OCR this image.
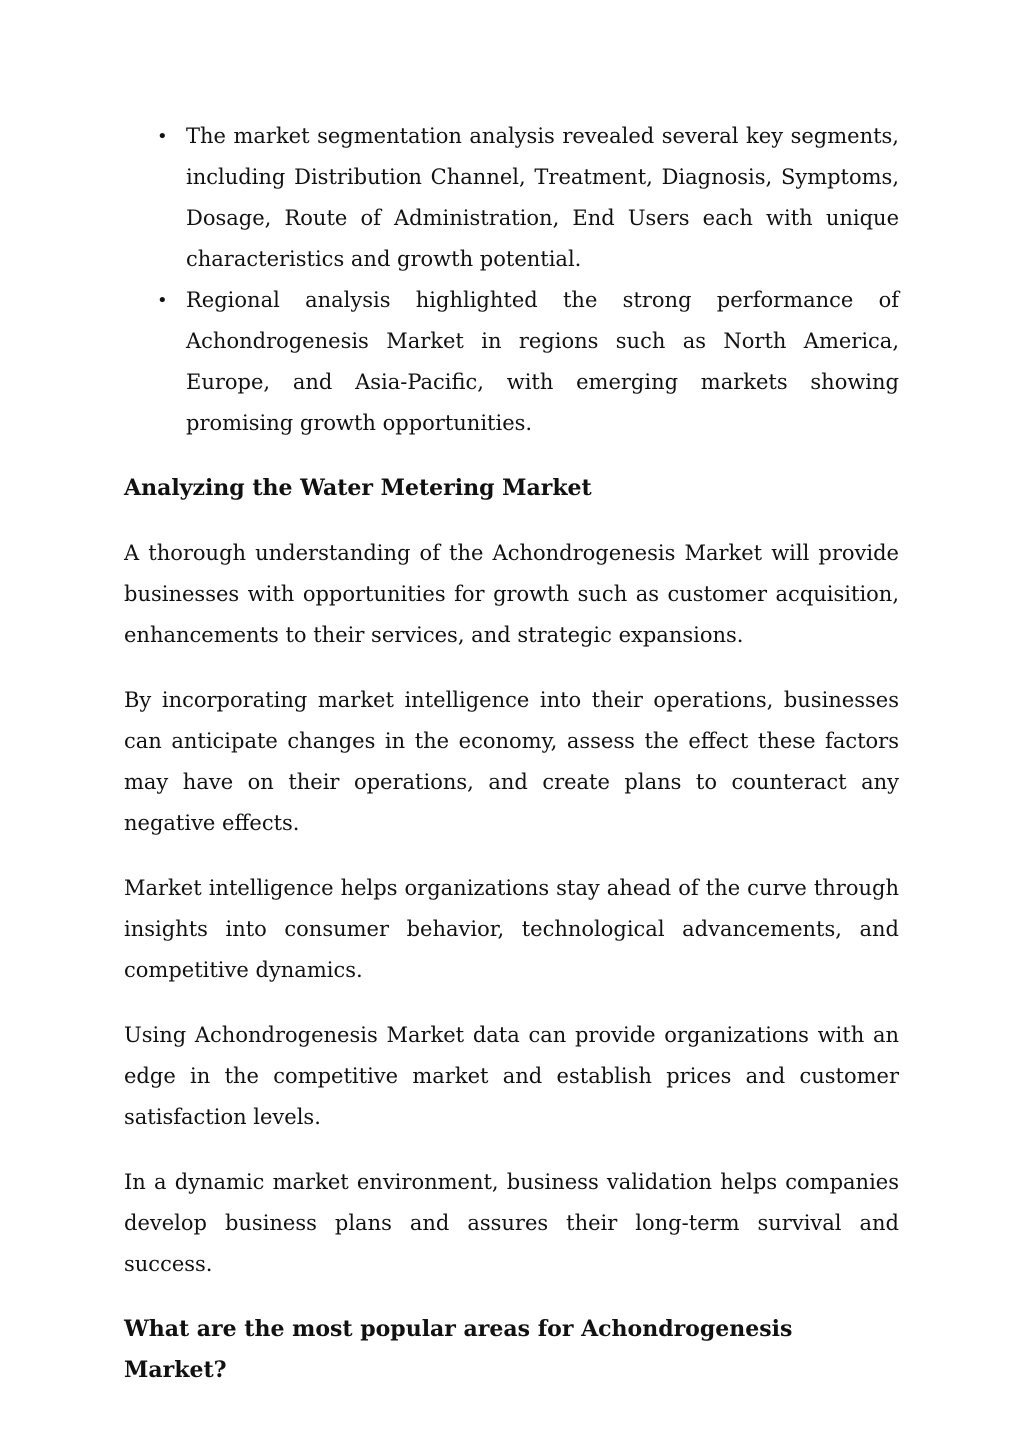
• The market segmentation analysis revealed several key segments, including Distribution Channel, Treatment, Diagnosis, Symptoms, Dosage, Route of Administration, End Users each with unique characteristics and growth potential.
• Regional analysis highlighted the strong performance of Achondrogenesis Market in regions such as North America, Europe, and Asia-Pacific, with emerging markets showing promising growth opportunities.
Analyzing the Water Metering Market

A thorough understanding of the Achondrogenesis Market will provide businesses with opportunities for growth such as customer acquisition, enhancements to their services, and strategic expansions.

By incorporating market intelligence into their operations, businesses can anticipate changes in the economy, assess the effect these factors may have on their operations, and create plans to counteract any negative effects.

Market intelligence helps organizations stay ahead of the curve through insights into consumer behavior, technological advancements, and competitive dynamics.

Using Achondrogenesis Market data can provide organizations with an edge in the competitive market and establish prices and customer satisfaction levels.

In a dynamic market environment, business validation helps companies develop business plans and assures their long-term survival and success.

What are the most popular areas for Achondrogenesis Market?
